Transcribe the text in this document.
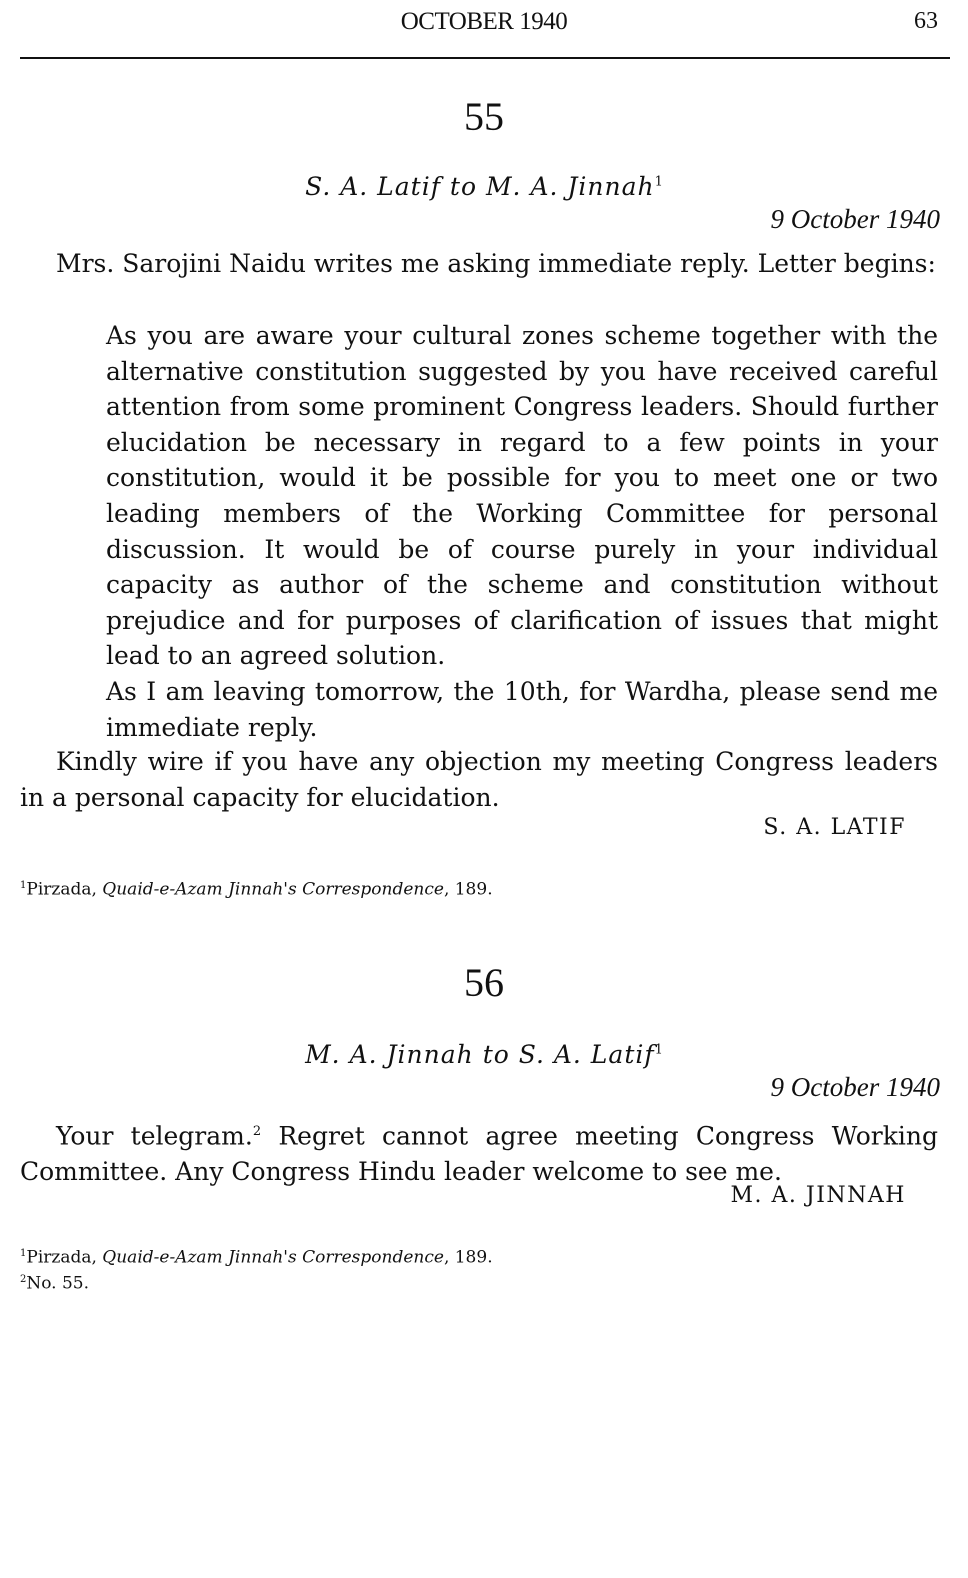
OCTOBER 1940	63
55
S. A. Latif to M. A. Jinnah$^1$
9 October 1940

Mrs. Sarojini Naidu writes me asking immediate reply. Letter begins:

As you are aware your cultural zones scheme together with the alternative constitution suggested by you have received careful attention from some prominent Congress leaders. Should further elucidation be necessary in regard to a few points in your constitution, would it be possible for you to meet one or two leading members of the Working Committee for personal discussion. It would be of course purely in your individual capacity as author of the scheme and constitution without prejudice and for purposes of clarification of issues that might lead to an agreed solution.

As I am leaving tomorrow, the 10th, for Wardha, please send me immediate reply.

Kindly wire if you have any objection my meeting Congress leaders in a personal capacity for elucidation.

S. A. LATIF

$^1$Pirzada, Quaid-e-Azam Jinnah's Correspondence, 189.

56
M. A. Jinnah to S. A. Latif$^1$
9 October 1940

Your telegram.$^2$ Regret cannot agree meeting Congress Working Committee. Any Congress Hindu leader welcome to see me.

M. A. JINNAH

$^1$Pirzada, Quaid-e-Azam Jinnah's Correspondence, 189.

$^2$No. 55.
